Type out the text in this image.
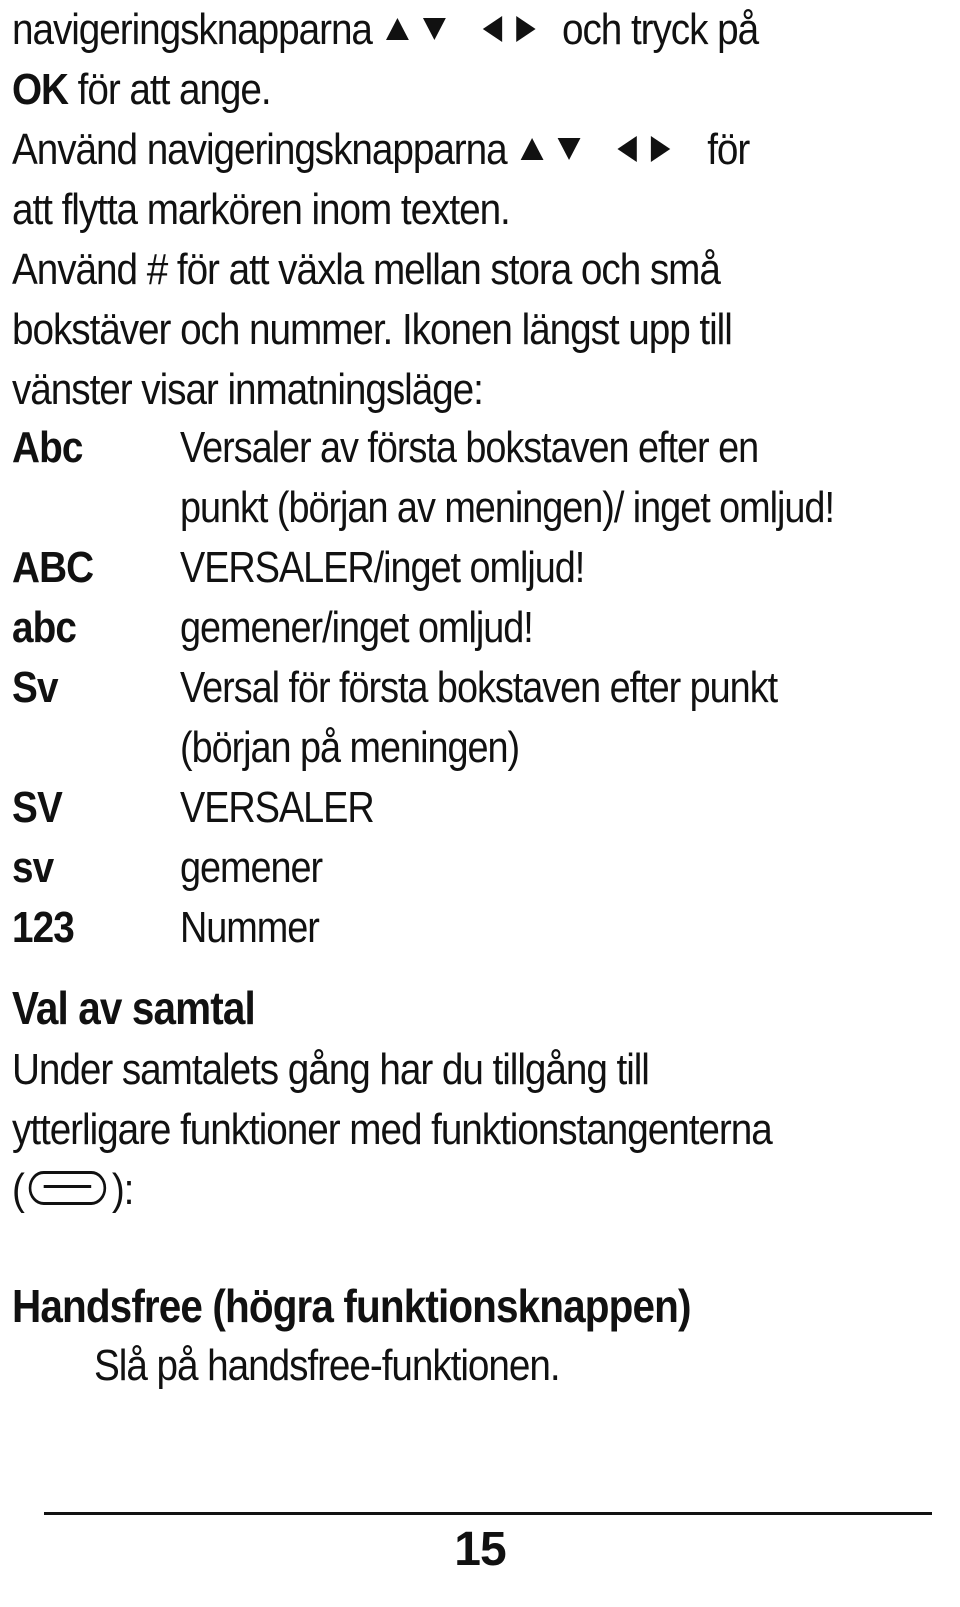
navigeringsknapparna	och tryck på
OK för att ange.
Använd navigeringsknapparna	för
att flytta markören inom texten.
Använd # för att växla mellan stora och små
bokstäver och nummer. Ikonen längst upp till
vänster visar inmatningsläge:
Abc Versaler av första bokstaven efter en
punkt (början av meningen)/ inget omljud!
ABC VERSALER/inget omljud!
abc gemener/inget omljud!
Sv	Versal för första bokstaven efter punkt
(början på meningen)
SV	VERSALER
sv	gemener
123 Nummer
Val av samtal
Under samtalets gång har du tillgång till
ytterligare funktioner med funktionstangenterna
( ):
Handsfree (högra funktionsknappen)
Slå på handsfree-funktionen.
15
